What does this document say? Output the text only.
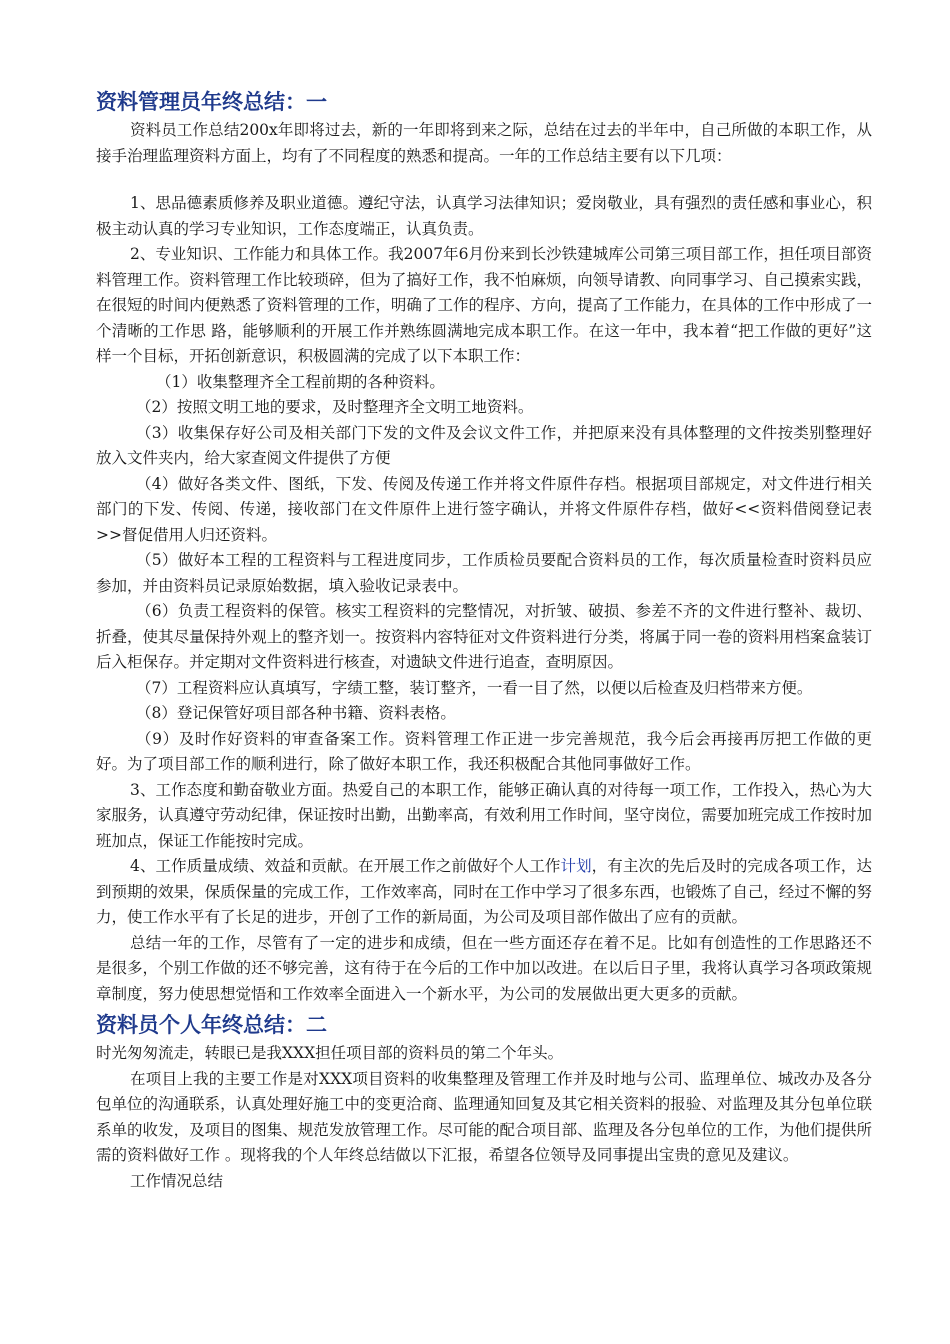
资料管理员年终总结：一

资料员工作总结200x年即将过去，新的一年即将到来之际，总结在过去的半年中，自己所做的本职工作，从接手治理监理资料方面上，均有了不同程度的熟悉和提高。一年的工作总结主要有以下几项：

1、思品德素质修养及职业道德。遵纪守法，认真学习法律知识；爱岗敬业，具有强烈的责任感和事业心，积极主动认真的学习专业知识，工作态度端正，认真负责。

2、专业知识、工作能力和具体工作。我2007年6月份来到长沙铁建城库公司第三项目部工作，担任项目部资料管理工作。资料管理工作比较琐碎，但为了搞好工作，我不怕麻烦，向领导请教、向同事学习、自己摸索实践，在很短的时间内便熟悉了资料管理的工作，明确了工作的程序、方向，提高了工作能力，在具体的工作中形成了一个清晰的工作思 路，能够顺利的开展工作并熟练圆满地完成本职工作。在这一年中，我本着“把工作做的更好”这样一个目标，开拓创新意识，积极圆满的完成了以下本职工作：

（1）收集整理齐全工程前期的各种资料。

（2）按照文明工地的要求，及时整理齐全文明工地资料。

（3）收集保存好公司及相关部门下发的文件及会议文件工作，并把原来没有具体整理的文件按类别整理好放入文件夹内，给大家查阅文件提供了方便

（4）做好各类文件、图纸，下发、传阅及传递工作并将文件原件存档。根据项目部规定，对文件进行相关部门的下发、传阅、传递，接收部门在文件原件上进行签字确认，并将文件原件存档，做好<<资料借阅登记表>>督促借用人归还资料。

（5）做好本工程的工程资料与工程进度同步，工作质检员要配合资料员的工作，每次质量检查时资料员应参加，并由资料员记录原始数据，填入验收记录表中。

（6）负责工程资料的保管。核实工程资料的完整情况，对折皱、破损、参差不齐的文件进行整补、裁切、折叠，使其尽量保持外观上的整齐划一。按资料内容特征对文件资料进行分类，将属于同一卷的资料用档案盒装订后入柜保存。并定期对文件资料进行核查，对遗缺文件进行追查，查明原因。

（7）工程资料应认真填写，字绩工整，装订整齐，一看一目了然，以便以后检查及归档带来方便。

（8）登记保管好项目部各种书籍、资料表格。

（9）及时作好资料的审查备案工作。资料管理工作正进一步完善规范，我今后会再接再厉把工作做的更好。为了项目部工作的顺利进行，除了做好本职工作，我还积极配合其他同事做好工作。

3、工作态度和勤奋敬业方面。热爱自己的本职工作，能够正确认真的对待每一项工作，工作投入，热心为大家服务，认真遵守劳动纪律，保证按时出勤，出勤率高，有效利用工作时间，坚守岗位，需要加班完成工作按时加班加点，保证工作能按时完成。

4、工作质量成绩、效益和贡献。在开展工作之前做好个人工作计划，有主次的先后及时的完成各项工作，达到预期的效果，保质保量的完成工作，工作效率高，同时在工作中学习了很多东西，也锻炼了自己，经过不懈的努力，使工作水平有了长足的进步，开创了工作的新局面，为公司及项目部作做出了应有的贡献。

总结一年的工作，尽管有了一定的进步和成绩，但在一些方面还存在着不足。比如有创造性的工作思路还不是很多，个别工作做的还不够完善，这有待于在今后的工作中加以改进。在以后日子里，我将认真学习各项政策规章制度，努力使思想觉悟和工作效率全面进入一个新水平，为公司的发展做出更大更多的贡献。

资料员个人年终总结：二

时光匆匆流走，转眼已是我XXX担任项目部的资料员的第二个年头。

在项目上我的主要工作是对XXX项目资料的收集整理及管理工作并及时地与公司、监理单位、城改办及各分包单位的沟通联系，认真处理好施工中的变更洽商、监理通知回复及其它相关资料的报验、对监理及其分包单位联系单的收发，及项目的图集、规范发放管理工作。尽可能的配合项目部、监理及各分包单位的工作，为他们提供所需的资料做好工作 。现将我的个人年终总结做以下汇报，希望各位领导及同事提出宝贵的意见及建议。

工作情况总结
